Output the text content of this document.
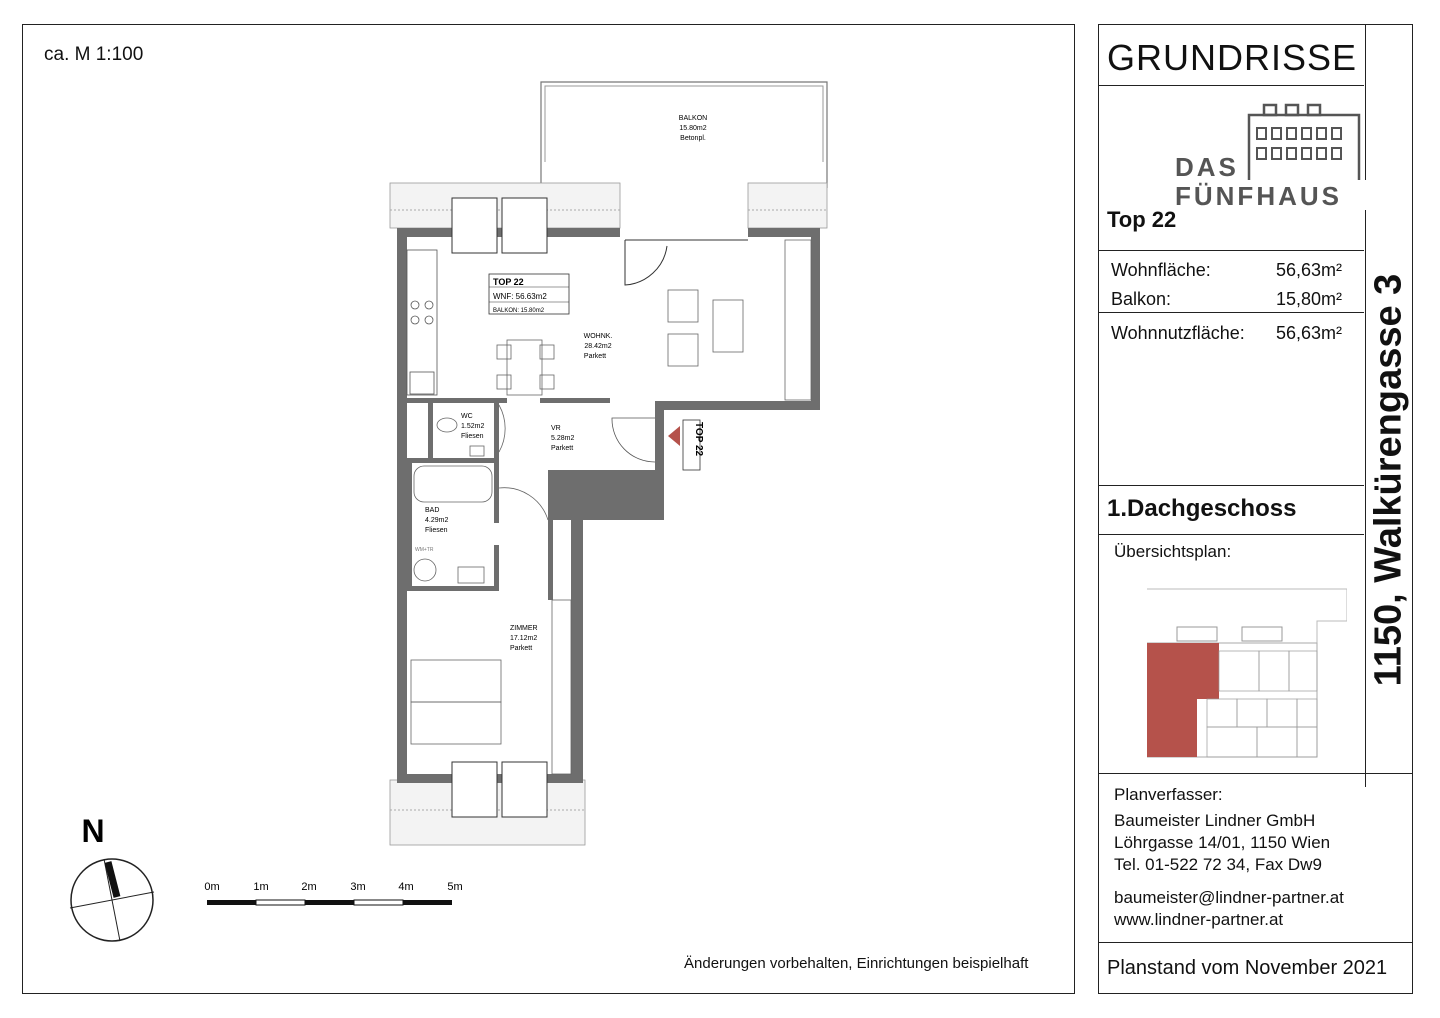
ca. M 1:100
Änderungen vorbehalten, Einrichtungen beispielhaft
BALKON
15.80m2
Betonpl.
TOP 22
WNF: 56.63m2
BALKON: 15.80m2
WOHNK.
28.42m2
Parkett
WC
1.52m2
Fliesen
VR
5.28m2
Parkett	TOP 22
BAD
4.29m2
Fliesen
WM+TR
ZIMMER
17.12m2
Parkett
N
0m	1m	2m	3m	4m	5m
GRUNDRISSE
DAS
FÜNFHAUS
Top 22
Wohnfläche:	56,63m²
Balkon:	15,80m²
Wohnnutzfläche:	56,63m²
1.Dachgeschoss
Übersichtsplan:
Planverfasser:
Baumeister Lindner GmbH
Löhrgasse 14/01, 1150 Wien
Tel. 01-522 72 34, Fax Dw9
baumeister@lindner-partner.at
www.lindner-partner.at
Planstand vom November 2021
1150, Walkürengasse 3
